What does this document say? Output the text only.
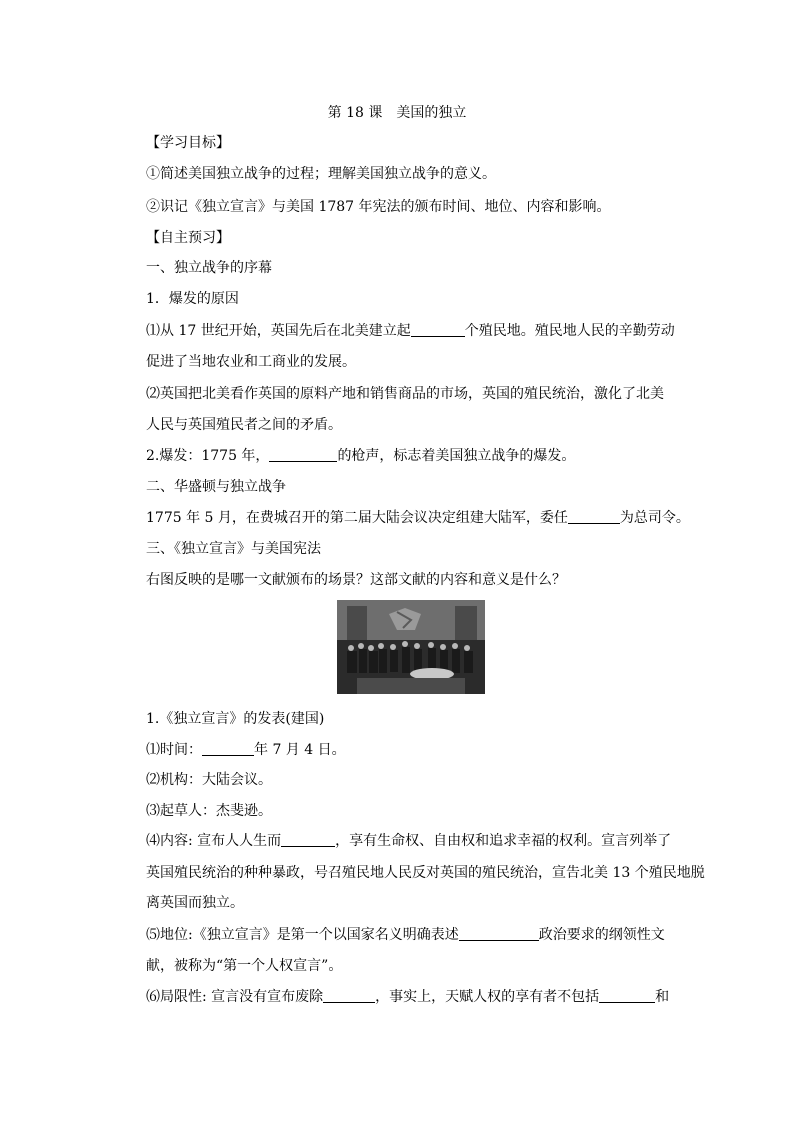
第 18 课　美国的独立
【学习目标】
①简述美国独立战争的过程；理解美国独立战争的意义。
②识记《独立宣言》与美国 1787 年宪法的颁布时间、地位、内容和影响。
【自主预习】
一、独立战争的序幕
1．爆发的原因
⑴从 17 世纪开始，英国先后在北美建立起	个殖民地。殖民地人民的辛勤劳动
促进了当地农业和工商业的发展。
⑵英国把北美看作英国的原料产地和销售商品的市场，英国的殖民统治，激化了北美
人民与英国殖民者之间的矛盾。
2.爆发：1775 年，	的枪声，标志着美国独立战争的爆发。
二、华盛顿与独立战争
1775 年 5 月，在费城召开的第二届大陆会议决定组建大陆军，委任	为总司令。
三、《独立宣言》与美国宪法
右图反映的是哪一文献颁布的场景？这部文献的内容和意义是什么？
1.《独立宣言》的发表(建国)
⑴时间：	年 7 月 4 日。
⑵机构：大陆会议。
⑶起草人：杰斐逊。
⑷内容: 宣布人人生而	，享有生命权、自由权和追求幸福的权利。宣言列举了
英国殖民统治的种种暴政，号召殖民地人民反对英国的殖民统治，宣告北美 13 个殖民地脱
离英国而独立。
⑸地位:《独立宣言》是第一个以国家名义明确表述	政治要求的纲领性文
献，被称为“第一个人权宣言”。
⑹局限性: 宣言没有宣布废除	，事实上，天赋人权的享有者不包括	和
